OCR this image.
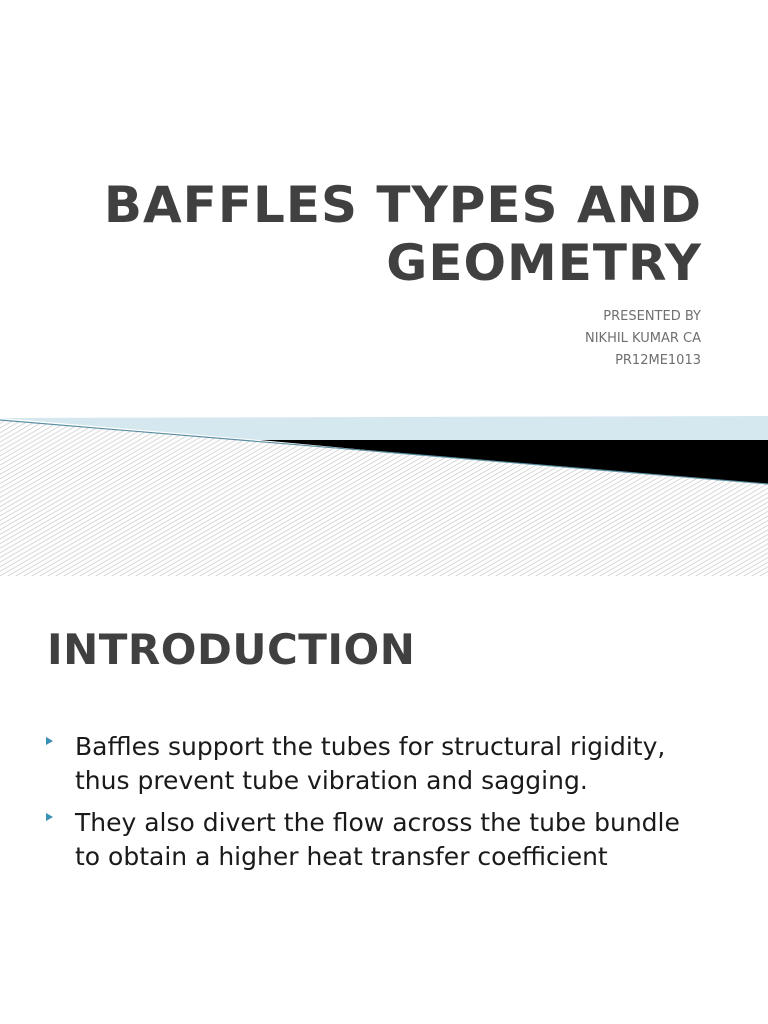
BAFFLES TYPES AND
GEOMETRY
PRESENTED BY
NIKHIL KUMAR CA
PR12ME1013
INTRODUCTION
Baffles support the tubes for structural rigidity, thus prevent tube vibration and sagging.
They also divert the flow across the tube bundle to obtain a higher heat transfer coefficient
